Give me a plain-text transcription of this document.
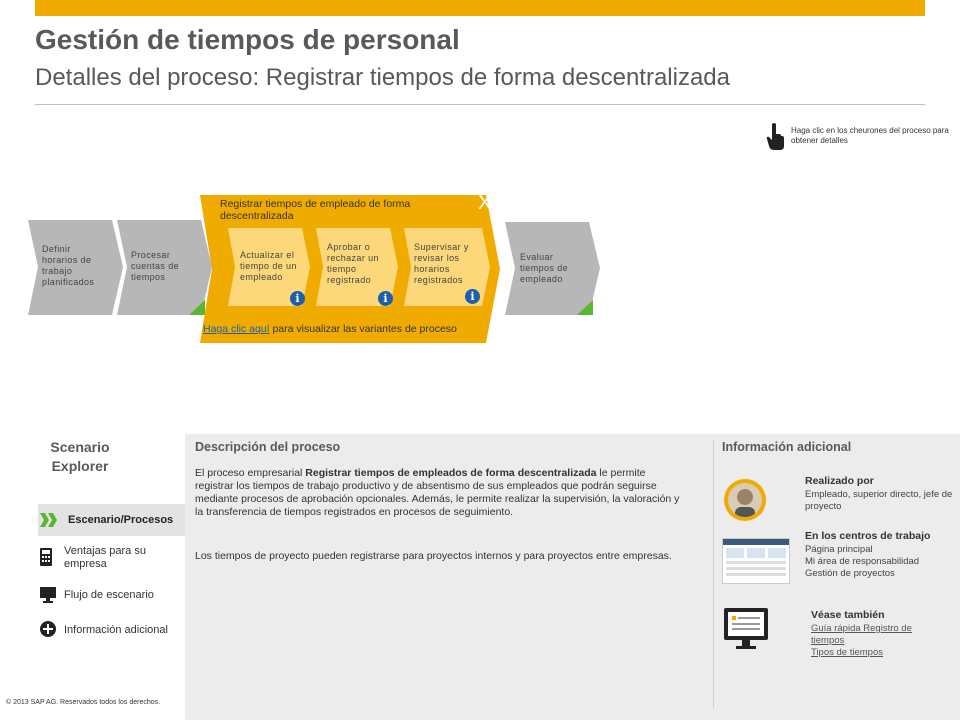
Gestión de tiempos de personal
Detalles del proceso: Registrar tiempos de forma descentralizada
Haga clic en los cheurones del proceso para obtener detalles
Definir horarios de trabajo planificados
Procesar cuentas de tiempos
Registrar tiempos de empleado de forma descentralizada
X
Actualizar el tiempo de un empleado
i
Aprobar o rechazar un tiempo registrado
i
Supervisar y revisar los horarios registrados
i
Haga clic aquí para visualizar las variantes de proceso
Evaluar tiempos de empleado
Scenario Explorer
Escenario/Procesos
Ventajas para su empresa
Flujo de escenario
Información adicional
Descripción del proceso
El proceso empresarial Registrar tiempos de empleados de forma descentralizada le permite registrar los tiempos de trabajo productivo y de absentismo de sus empleados que podrán seguirse mediante procesos de aprobación opcionales. Además, le permite realizar la supervisión, la valoración y la transferencia de tiempos registrados en procesos de seguimiento.
Los tiempos de proyecto pueden registrarse para proyectos internos y para proyectos entre empresas.
Información adicional
Realizado por
Empleado, superior directo, jefe de proyecto
En los centros de trabajo
Página principal
Mi área de responsabilidad
Gestión de proyectos
Véase también
Guía rápida Registro de tiempos
Tipos de tiempos
© 2013 SAP AG. Reservados todos los derechos.
